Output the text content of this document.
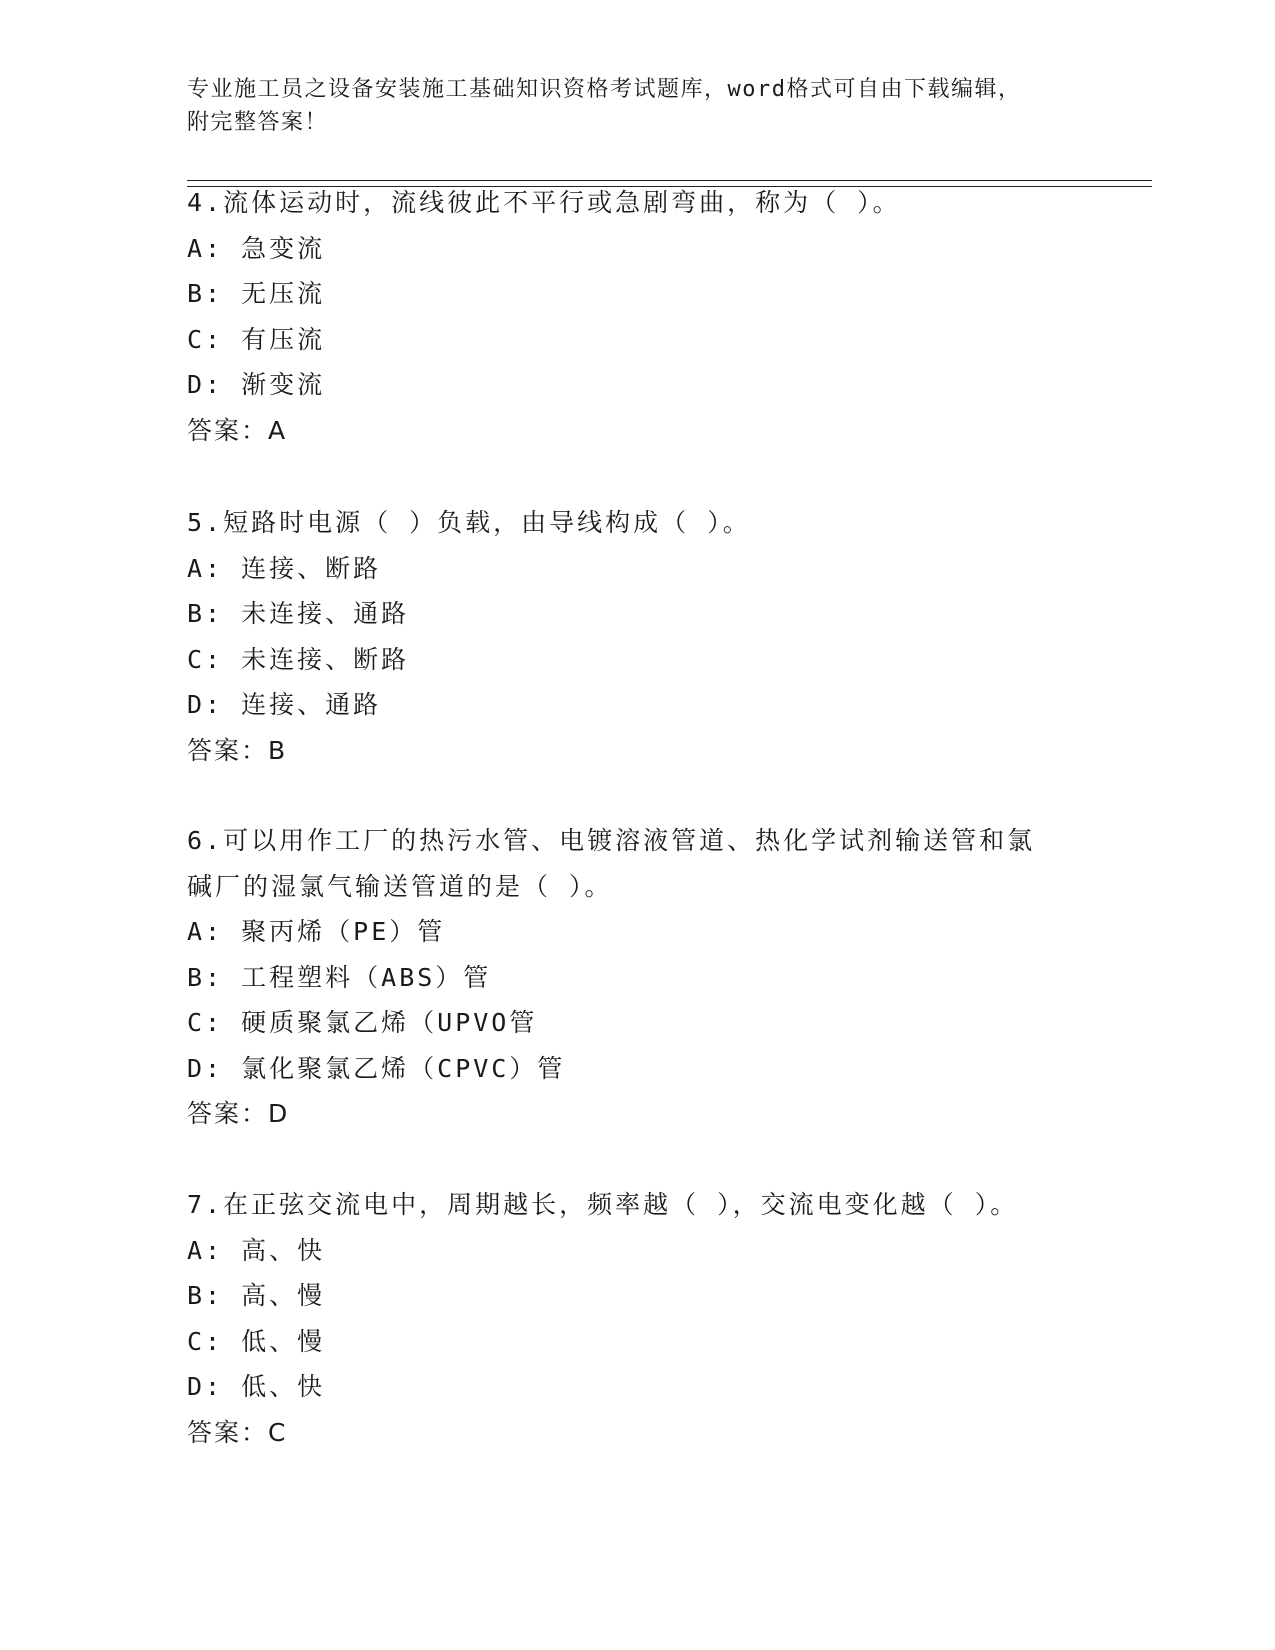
专业施工员之设备安装施工基础知识资格考试题库，word格式可自由下载编辑，
附完整答案！

4.流体运动时，流线彼此不平行或急剧弯曲，称为（ ）。

A: 急变流

B: 无压流

C: 有压流

D: 渐变流

答案：A

5.短路时电源（ ）负载，由导线构成（ ）。

A: 连接、断路

B: 未连接、通路

C: 未连接、断路

D: 连接、通路

答案：B

6.可以用作工厂的热污水管、电镀溶液管道、热化学试剂输送管和氯

碱厂的湿氯气输送管道的是（ ）。

A: 聚丙烯（PE）管

B: 工程塑料（ABS）管

C: 硬质聚氯乙烯（UPVO管

D: 氯化聚氯乙烯（CPVC）管

答案：D

7.在正弦交流电中，周期越长，频率越（ ），交流电变化越（ ）。

A: 高、快

B: 高、慢

C: 低、慢

D: 低、快

答案：C
